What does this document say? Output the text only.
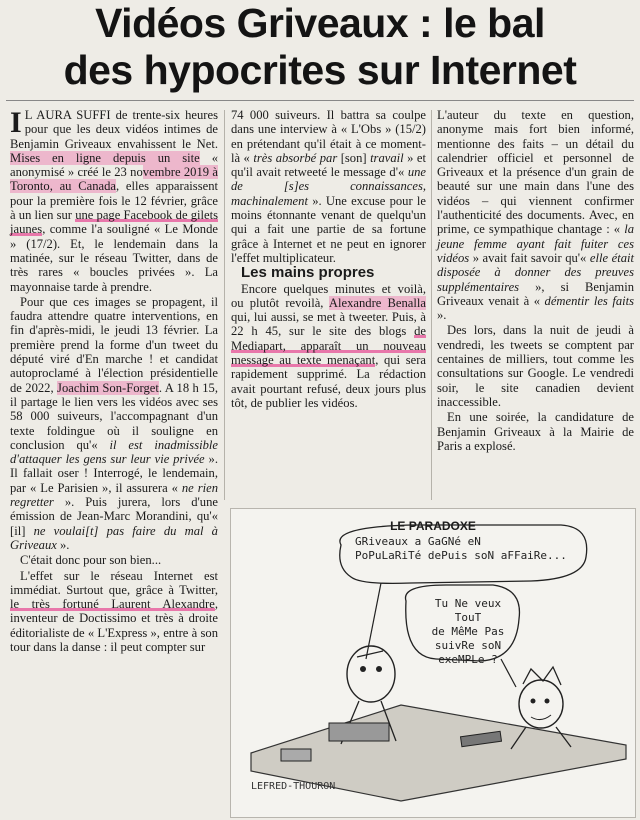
Vidéos Griveaux : le bal
des hypocrites sur Internet

I L AURA SUFFI de trente-six heures pour que les deux vidéos intimes de Benjamin Griveaux envahissent le Net. Mises en ligne depuis un site « anonymisé » créé le 23 novembre 2019 à Toronto, au Canada, elles apparaissent pour la première fois le 12 février, grâce à un lien sur une page Facebook de gilets jaunes, comme l'a souligné « Le Monde » (17/2). Et, le lendemain dans la matinée, sur le réseau Twitter, dans de très rares « boucles privées ». La mayonnaise tarde à prendre.

Pour que ces images se propagent, il faudra attendre quatre interventions, en fin d'après-midi, le jeudi 13 février. La première prend la forme d'un tweet du député viré d'En marche ! et candidat autoproclamé à l'élection présidentielle de 2022, Joachim Son-Forget. A 18 h 15, il partage le lien vers les vidéos avec ses 58 000 suiveurs, l'accompagnant d'un texte foldingue où il souligne en conclusion qu'« il est inadmissible d'attaquer les gens sur leur vie privée ». Il fallait oser ! Interrogé, le lendemain, par « Le Parisien », il assurera « ne rien regretter ». Puis jurera, lors d'une émission de Jean-Marc Morandini, qu'« [il] ne voulai[t] pas faire du mal à Griveaux ».

C'était donc pour son bien...

L'effet sur le réseau Internet est immédiat. Surtout que, grâce à Twitter, le très fortuné Laurent Alexandre, inventeur de Doctissimo et très à droite éditorialiste de « L'Express », entre à son tour dans la danse : il peut compter sur

74 000 suiveurs. Il battra sa coulpe dans une interview à « L'Obs » (15/2) en prétendant qu'il était à ce moment-là « très absorbé par [son] travail » et qu'il avait retweeté le message d'« une de [s]es connaissances, machinalement ». Une excuse pour le moins étonnante venant de quelqu'un qui a fait une partie de sa fortune grâce à Internet et ne peut en ignorer l'effet multiplicateur.

Les mains propres

Encore quelques minutes et voilà, ou plutôt revoilà, Alexandre Benalla qui, lui aussi, se met à tweeter. Puis, à 22 h 45, sur le site des blogs de Mediapart, apparaît un nouveau message au texte menaçant, qui sera rapidement supprimé. La rédaction avait pourtant refusé, deux jours plus tôt, de publier les vidéos.

L'auteur du texte en question, anonyme mais fort bien informé, mentionne des faits – un détail du calendrier officiel et personnel de Griveaux et la présence d'un grain de beauté sur une main dans l'une des vidéos – qui viennent confirmer l'authenticité des documents. Avec, en prime, ce sympathique chantage : « la jeune femme ayant fait fuiter ces vidéos » avait fait savoir qu'« elle était disposée à donner des preuves supplémentaires », si Benjamin Griveaux venait à « démentir les faits ».

Des lors, dans la nuit de jeudi à vendredi, les tweets se comptent par centaines de milliers, tout comme les consultations sur Google. Le vendredi soir, le site canadien devient inaccessible.

En une soirée, la candidature de Benjamin Griveaux à la Mairie de Paris a explosé.

LE PARADOXE
GRiveaux a GaGNé eN
PoPuLaRiTé dePuis soN aFFaiRe...
Tu Ne veux TouT
de MêMe Pas
suivRe soN
exeMPLe ?
LEFRED-THOURON
